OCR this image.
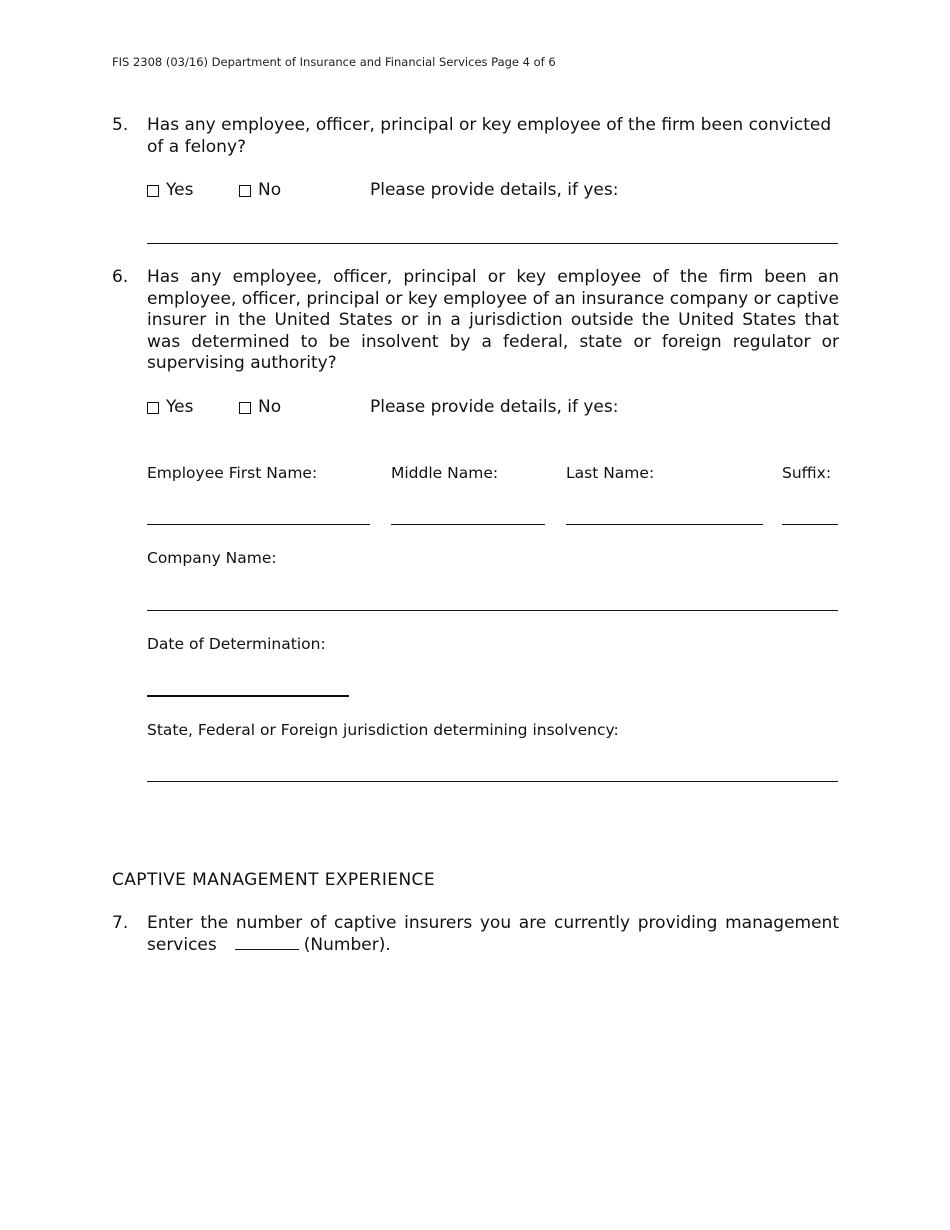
FIS 2308 (03/16) Department of Insurance and Financial Services Page 4 of 6
5. Has any employee, officer, principal or key employee of the firm been convicted of a felony?
Yes	No	Please provide details, if yes:
6. Has any employee, officer, principal or key employee of the firm been an employee, officer, principal or key employee of an insurance company or captive insurer in the United States or in a jurisdiction outside the United States that was determined to be insolvent by a federal, state or foreign regulator or supervising authority?
Yes	No	Please provide details, if yes:
Employee First Name:	Middle Name:	Last Name:	Suffix:
Company Name:
Date of Determination:
State, Federal or Foreign jurisdiction determining insolvency:
CAPTIVE MANAGEMENT EXPERIENCE
7. Enter the number of captive insurers you are currently providing management services	(Number).
